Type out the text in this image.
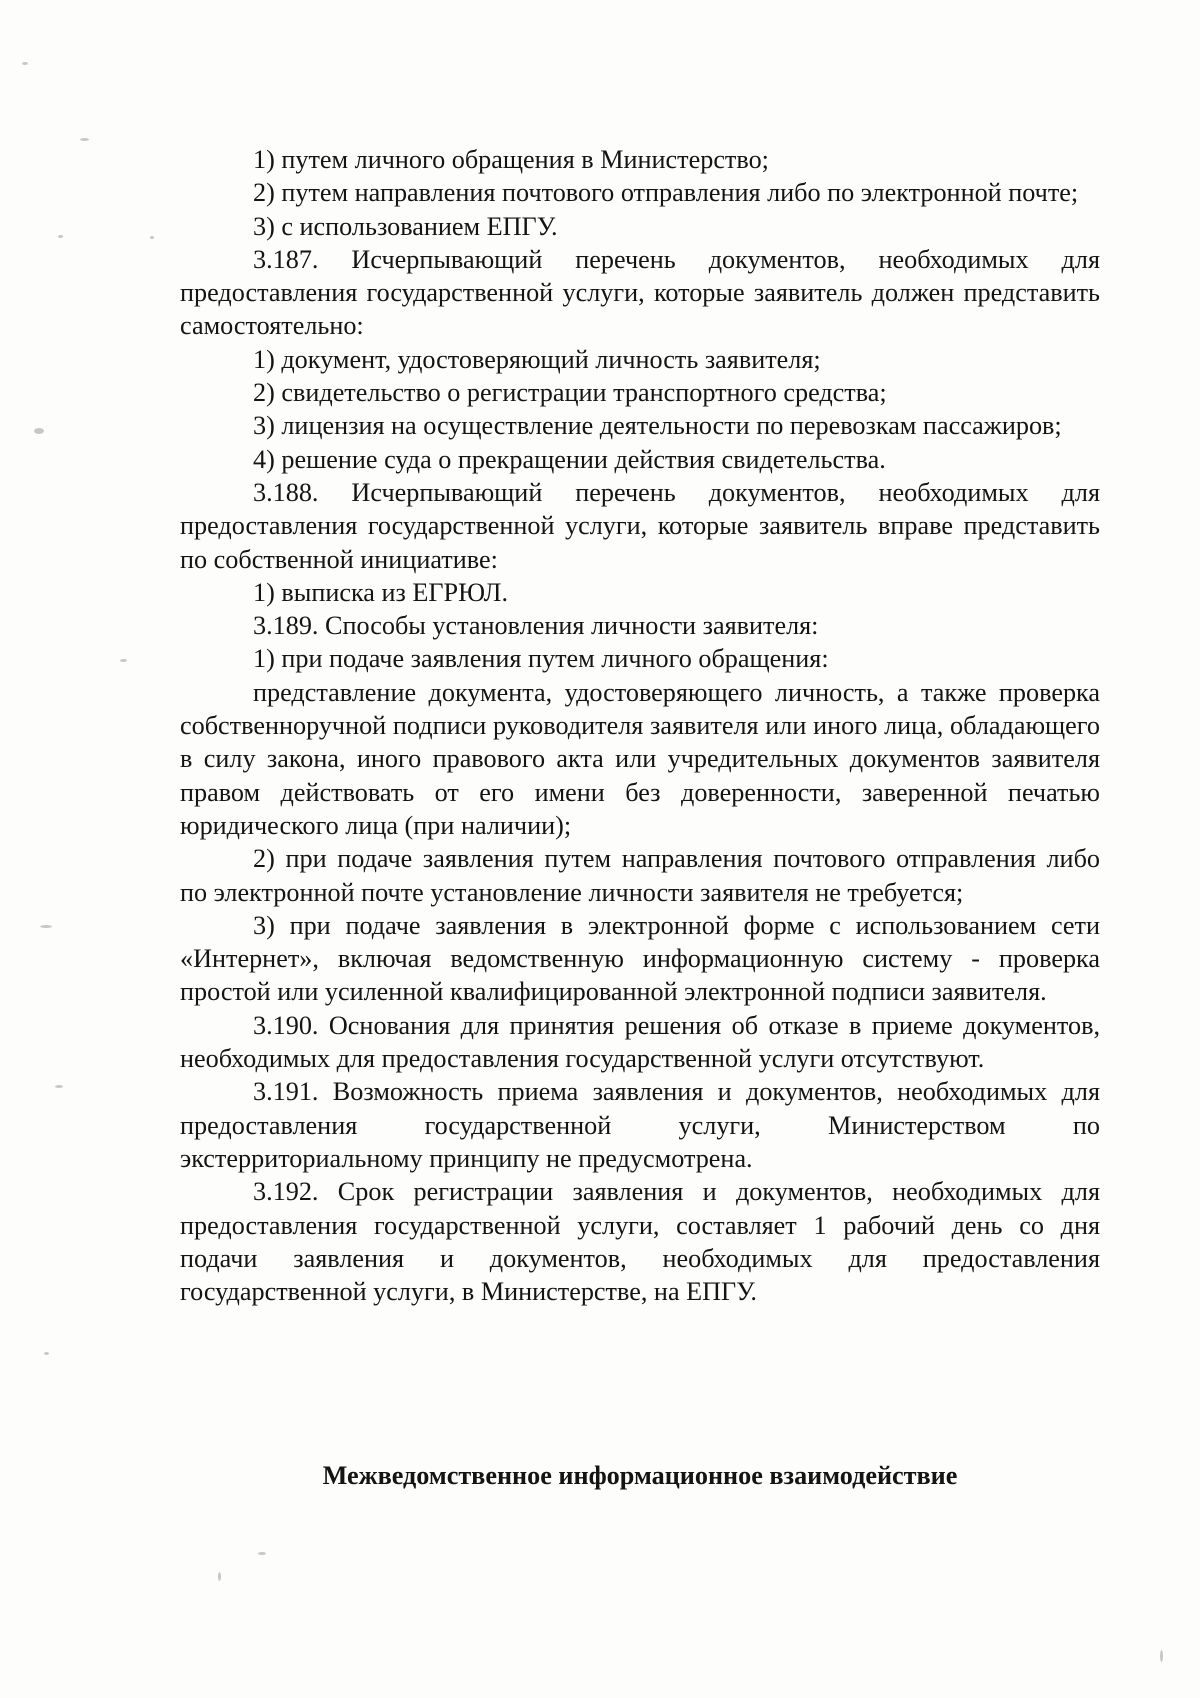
1) путем личного обращения в Министерство;

2) путем направления почтового отправления либо по электронной почте;

3) с использованием ЕПГУ.

3.187. Исчерпывающий перечень документов, необходимых для предоставления государственной услуги, которые заявитель должен представить самостоятельно:

1) документ, удостоверяющий личность заявителя;

2) свидетельство о регистрации транспортного средства;

3) лицензия на осуществление деятельности по перевозкам пассажиров;

4) решение суда о прекращении действия свидетельства.

3.188. Исчерпывающий перечень документов, необходимых для предоставления государственной услуги, которые заявитель вправе представить по собственной инициативе:

1) выписка из ЕГРЮЛ.

3.189. Способы установления личности заявителя:

1) при подаче заявления путем личного обращения:

представление документа, удостоверяющего личность, а также проверка собственноручной подписи руководителя заявителя или иного лица, обладающего в силу закона, иного правового акта или учредительных документов заявителя правом действовать от его имени без доверенности, заверенной печатью юридического лица (при наличии);

2) при подаче заявления путем направления почтового отправления либо по электронной почте установление личности заявителя не требуется;

3) при подаче заявления в электронной форме с использованием сети «Интернет», включая ведомственную информационную систему - проверка простой или усиленной квалифицированной электронной подписи заявителя.

3.190. Основания для принятия решения об отказе в приеме документов, необходимых для предоставления государственной услуги отсутствуют.

3.191. Возможность приема заявления и документов, необходимых для предоставления государственной услуги, Министерством по экстерриториальному принципу не предусмотрена.

3.192. Срок регистрации заявления и документов, необходимых для предоставления государственной услуги, составляет 1 рабочий день со дня подачи заявления и документов, необходимых для предоставления государственной услуги, в Министерстве, на ЕПГУ.

Межведомственное информационное взаимодействие
